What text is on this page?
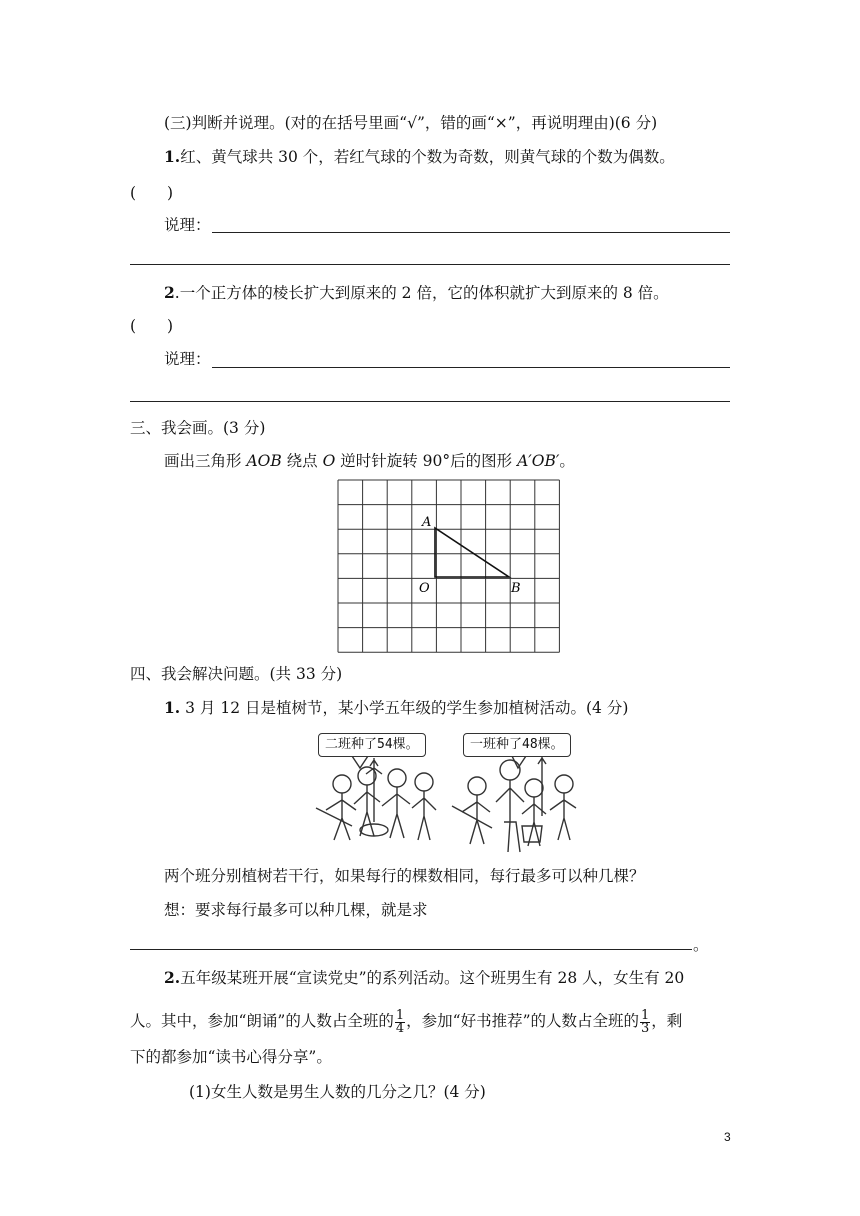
(三)判断并说理。(对的在括号里画“√”，错的画“×”，再说明理由)(6 分)
1.红、黄气球共 30 个，若红气球的个数为奇数，则黄气球的个数为偶数。
(　　)
说理：
2.一个正方体的棱长扩大到原来的 2 倍，它的体积就扩大到原来的 8 倍。
(　　)
说理：
三、我会画。(3 分)
画出三角形 AOB 绕点 O 逆时针旋转 90°后的图形 A′OB′。
A
O	B
四、我会解决问题。(共 33 分)
1. 3 月 12 日是植树节，某小学五年级的学生参加植树活动。(4 分)
二班种了54棵。	一班种了48棵。
两个班分别植树若干行，如果每行的棵数相同，每行最多可以种几棵？
想：要求每行最多可以种几棵，就是求
。
2.五年级某班开展“宣读党史”的系列活动。这个班男生有 28 人，女生有 20
人。其中，参加“朗诵”的人数占全班的 $\frac{1}{4}$ ，参加“好书推荐”的人数占全班的 $\frac{1}{3}$ ，剩
下的都参加“读书心得分享”。
(1)女生人数是男生人数的几分之几？(4 分)
3
